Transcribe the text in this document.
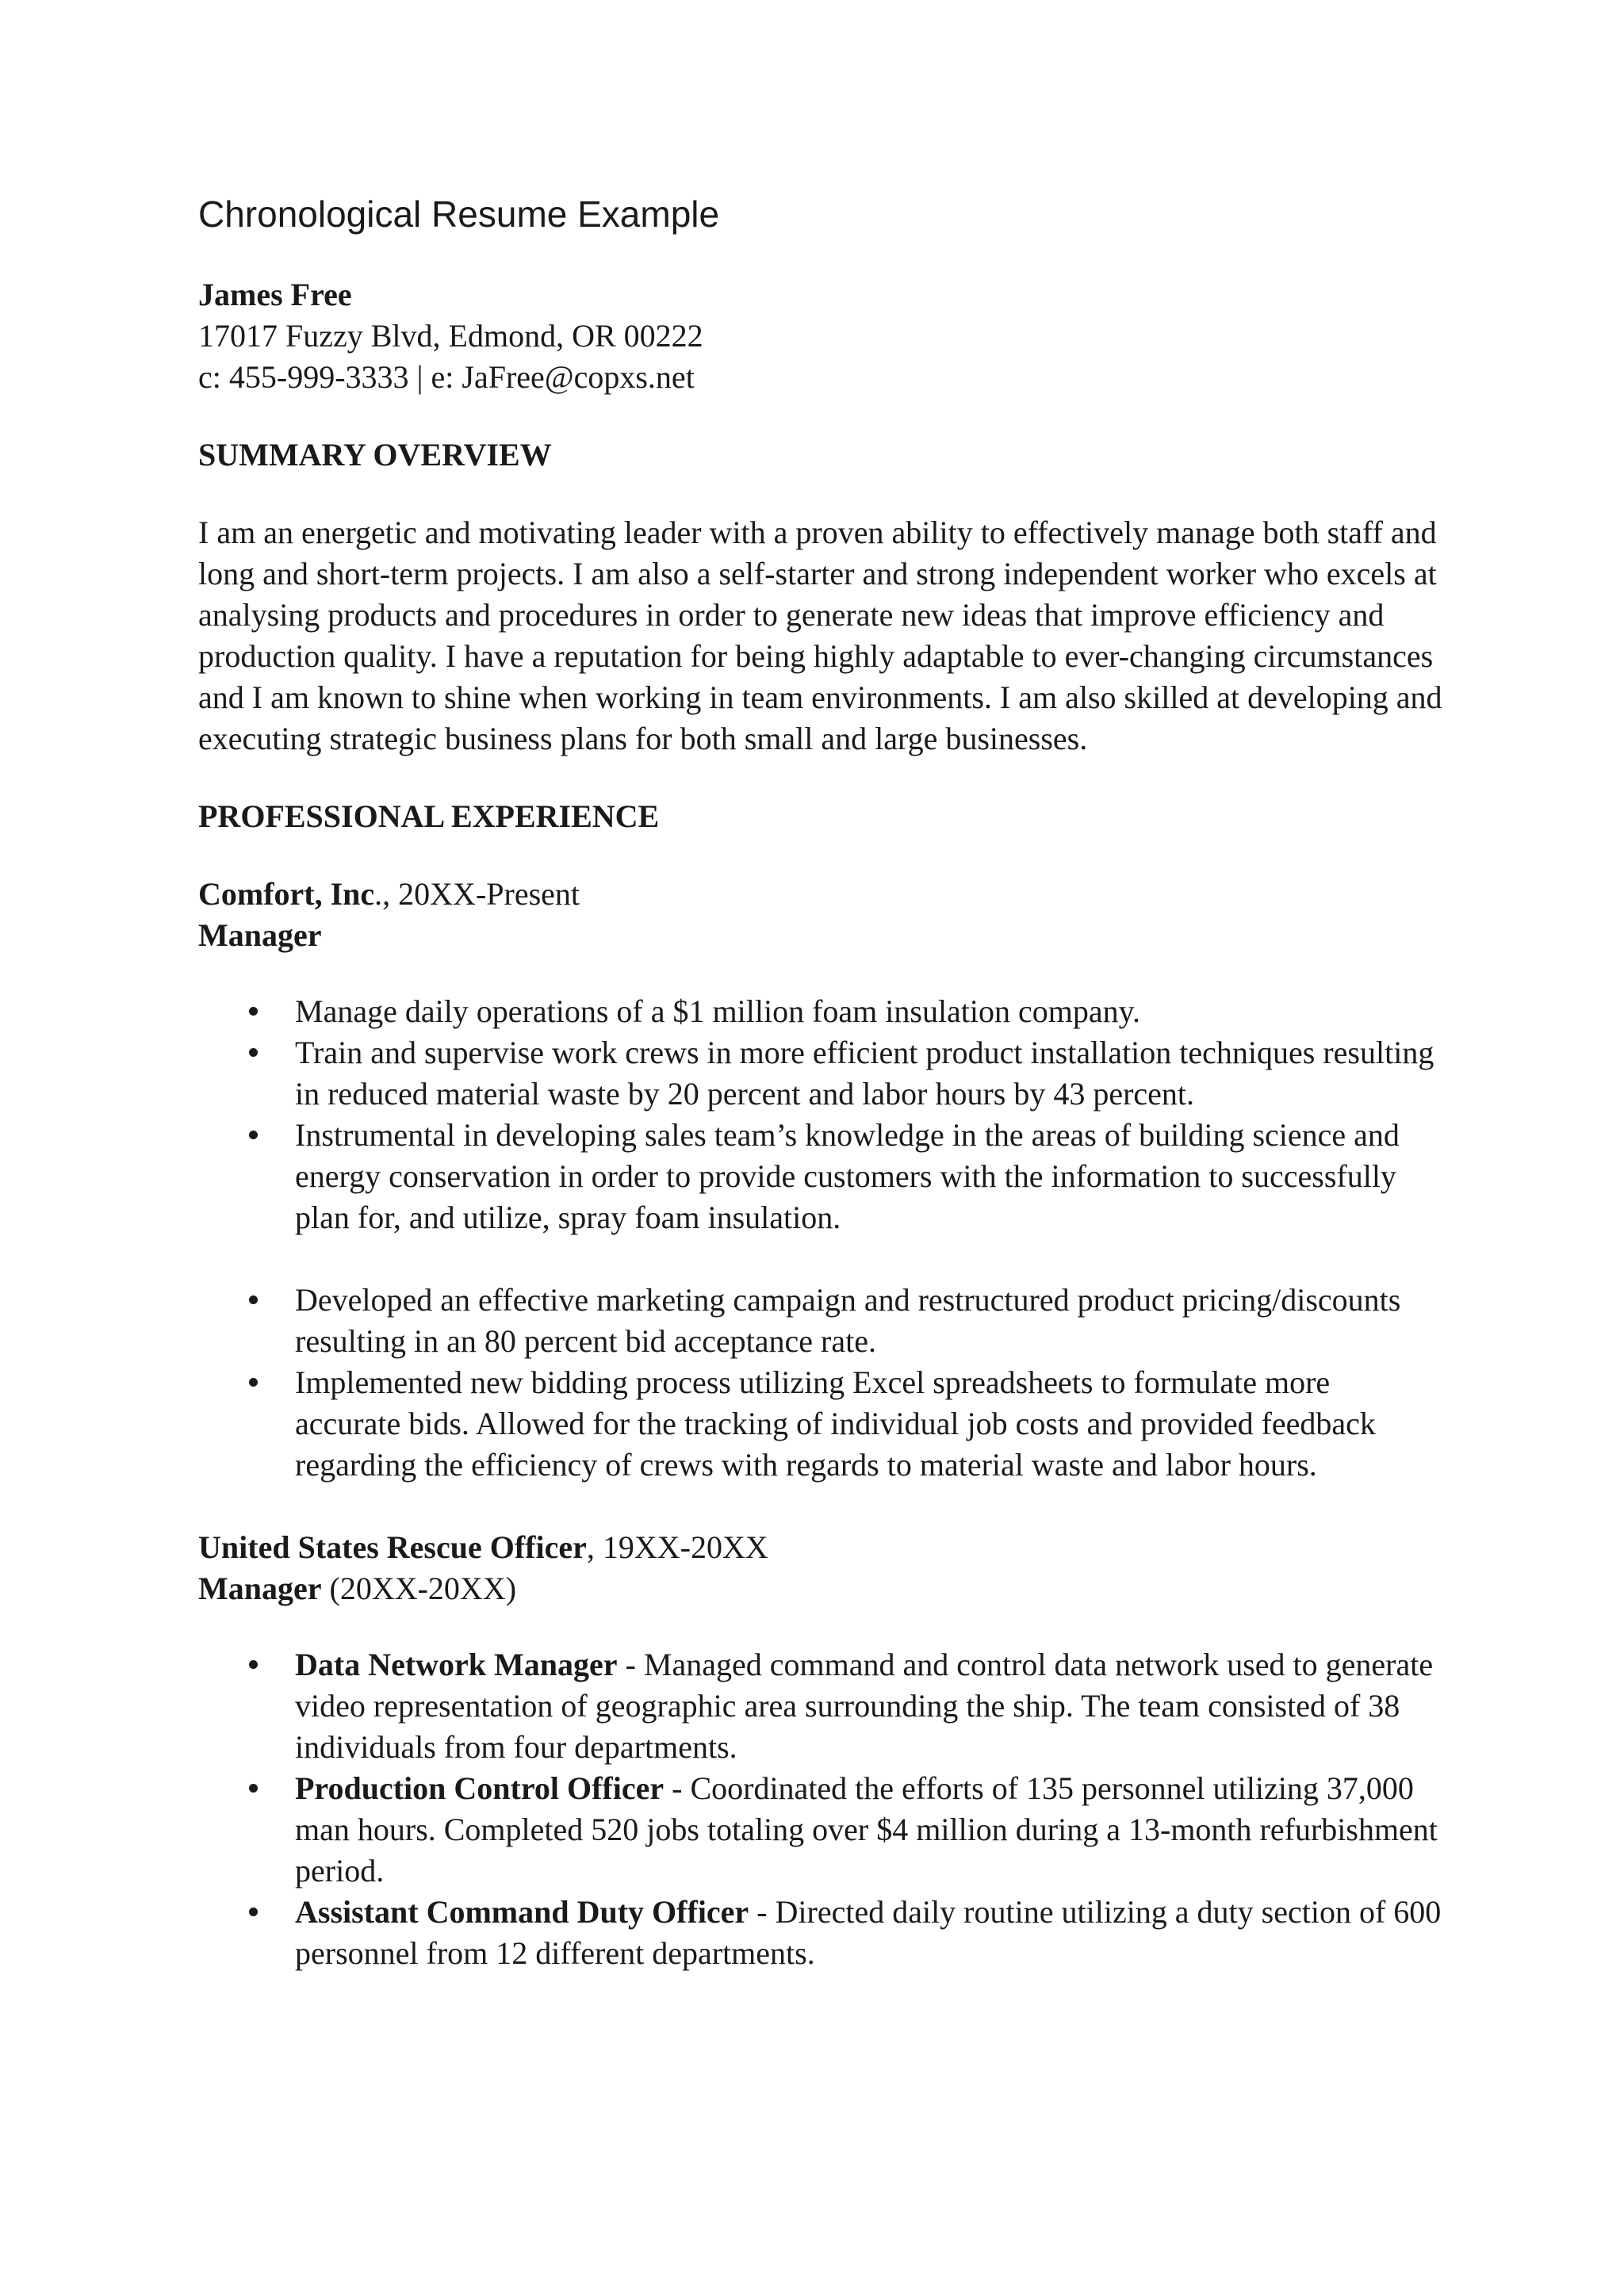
Chronological Resume Example
James Free
17017 Fuzzy Blvd, Edmond, OR 00222
c: 455-999-3333 | e: JaFree@copxs.net
SUMMARY OVERVIEW
I am an energetic and motivating leader with a proven ability to effectively manage both staff and long and short-term projects. I am also a self-starter and strong independent worker who excels at analysing products and procedures in order to generate new ideas that improve efficiency and production quality. I have a reputation for being highly adaptable to ever-changing circumstances and I am known to shine when working in team environments. I am also skilled at developing and executing strategic business plans for both small and large businesses.
PROFESSIONAL EXPERIENCE
Comfort, Inc., 20XX-Present
Manager
Manage daily operations of a $1 million foam insulation company.
Train and supervise work crews in more efficient product installation techniques resulting in reduced material waste by 20 percent and labor hours by 43 percent.
Instrumental in developing sales team’s knowledge in the areas of building science and energy conservation in order to provide customers with the information to successfully plan for, and utilize, spray foam insulation.
Developed an effective marketing campaign and restructured product pricing/discounts resulting in an 80 percent bid acceptance rate.
Implemented new bidding process utilizing Excel spreadsheets to formulate more accurate bids. Allowed for the tracking of individual job costs and provided feedback regarding the efficiency of crews with regards to material waste and labor hours.
United States Rescue Officer, 19XX-20XX
Manager (20XX-20XX)
Data Network Manager - Managed command and control data network used to generate video representation of geographic area surrounding the ship. The team consisted of 38 individuals from four departments.
Production Control Officer - Coordinated the efforts of 135 personnel utilizing 37,000 man hours. Completed 520 jobs totaling over $4 million during a 13-month refurbishment period.
Assistant Command Duty Officer - Directed daily routine utilizing a duty section of 600 personnel from 12 different departments.
